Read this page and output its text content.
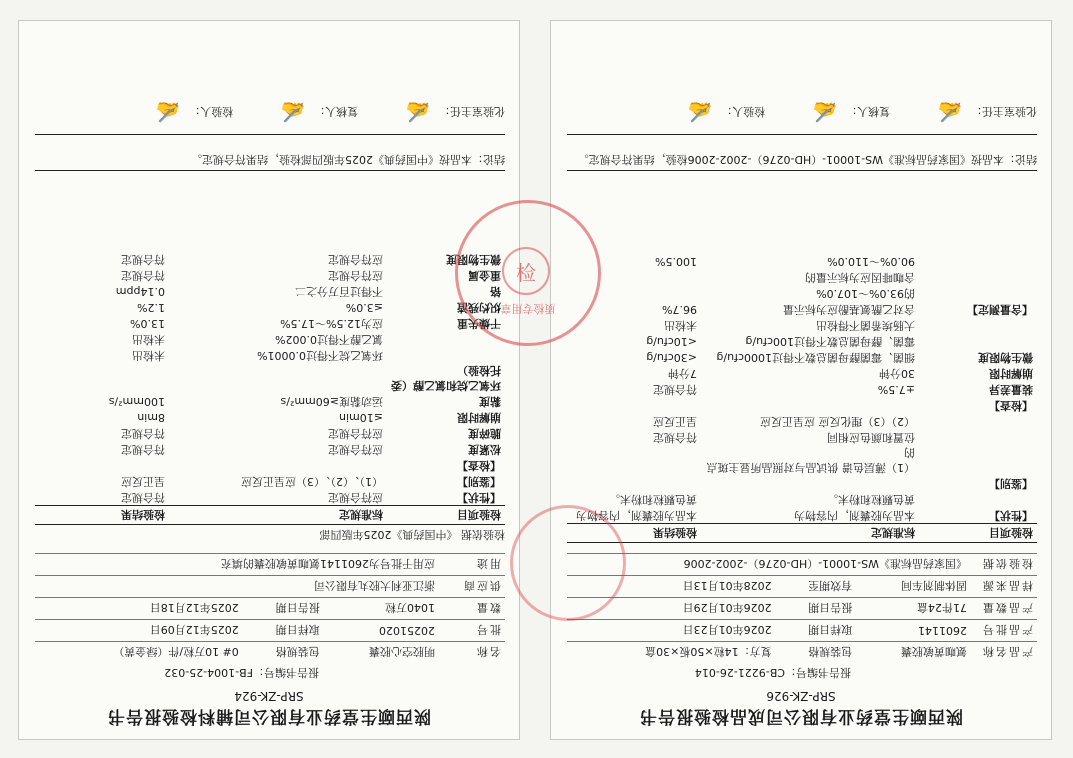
陕西颐生堂药业有限公司辅料检验报告书
SRP-ZK-924
报告书编号：FB-1004-25-032
名称	明胶空心胶囊	包装规格	0# 10万粒/件（绿金黄）
批号	20251020	取样日期	2025年12月09日
数量	1040万粒	报告日期	2025年12月18日
供应商	浙江亚利大胶丸有限公司		
用途	应用于批号为2601141氨咖黄敏胶囊的填充		
检验依据 《中国药典》2025年版四部
检验项目	标准规定	检验结果
【性状】	应符合规定	符合规定
【鉴别】	（1）、（2）、（3）应呈正反应	呈正反应
【检查】		
松紧度	应符合规定	符合规定
脆碎度	应符合规定	符合规定
崩解时限	≤10min	8min
黏度	运动黏度≥60mm²/s	100mm²/s
环氧乙烷和氯乙醇（委托检验）		
	环氧乙烷不得过0.0001%	未检出
	氯乙醇不得过0.002%	未检出
干燥失重	应为12.5%～17.5%	13.0%
炽灼残渣	≤3.0%	1.2%
铬	不得过百万分之二	0.14ppm
重金属	应符合规定	符合规定
微生物限度	应符合规定	符合规定
结论：本品按《中国药典》2025年版四部检验，结果符合规定。
化验室主任：
✍
复核人：
✍
检验人：
✍
陕西颐生堂药业有限公司成品检验报告书
SRP-ZK-926
报告书编号：CB-9221-26-014
产品名称	氨咖黄敏胶囊	包装规格	复方：14粒×50板×30盒
产品批号	2601141	取样日期	2026年01月23日
产品数量	71件24盒	报告日期	2026年01月29日
样品来源	固体制剂车间	有效期至	2028年01月13日
检验依据	《国家药品标准》WS-10001-（HD-0276）-2002-2006		
检验项目	标准规定	检验结果
【性状】	本品为胶囊剂，内容物为	本品为胶囊剂，内容物为
	黄色颗粒和粉末。	黄色颗粒和粉末。
【鉴别】		
	（1）薄层色谱 供试品与对照品所显主斑点的	
	位置和颜色应相同	符合规定
	（2）（3）理化反应 应呈正反应	呈正反应
【检查】		
装量差异	±7.5%	符合规定
崩解时限	30分钟	7分钟
微生物限度	细菌、霉菌酵母菌总数不得过1000cfu/g	<30cfu/g
	霉菌、酵母菌总数不得过100cfu/g	<10cfu/g
	大肠埃希菌不得检出	未检出
【含量测定】	含对乙酰氨基酚应为标示量	96.7%
	的93.0%～107.0%	
	含咖啡因应为标示量的	
	90.0%～110.0%	100.5%
结论：本品按《国家药品标准》WS-10001-（HD-0276）-2002-2006检验，结果符合规定。
化验室主任：
✍
复核人：
✍
检验人：
✍
检
质检专用章
